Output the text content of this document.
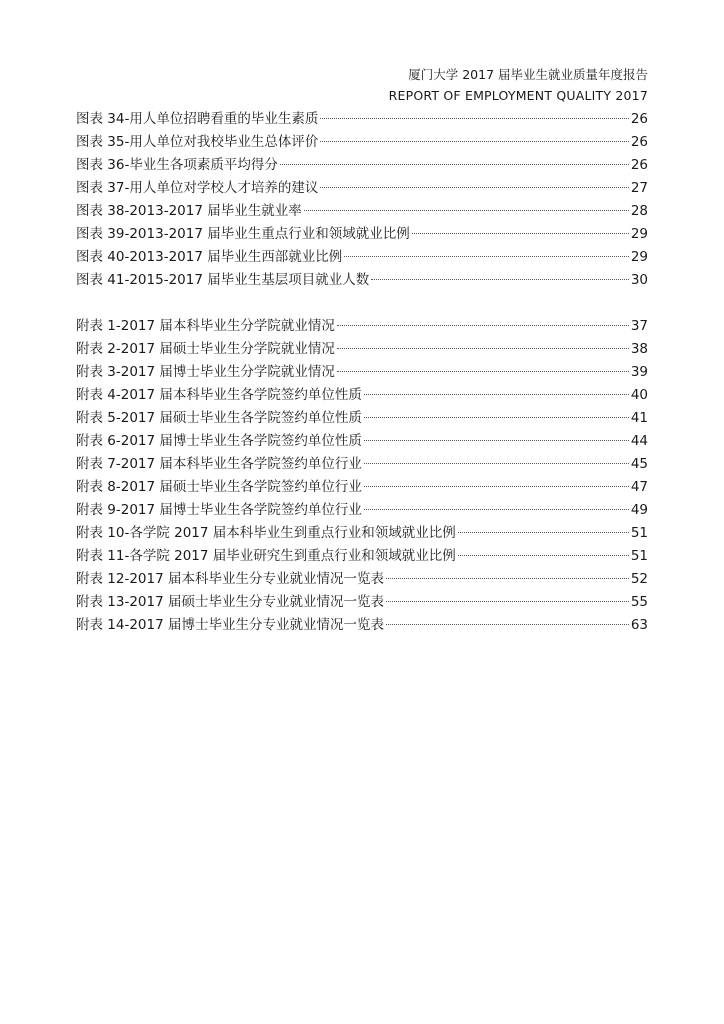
厦门大学 2017 届毕业生就业质量年度报告
REPORT OF EMPLOYMENT QUALITY 2017
图表 34-用人单位招聘看重的毕业生素质	26
图表 35-用人单位对我校毕业生总体评价	26
图表 36-毕业生各项素质平均得分	26
图表 37-用人单位对学校人才培养的建议	27
图表 38-2013-2017 届毕业生就业率	28
图表 39-2013-2017 届毕业生重点行业和领域就业比例	29
图表 40-2013-2017 届毕业生西部就业比例	29
图表 41-2015-2017 届毕业生基层项目就业人数	30
附表 1-2017 届本科毕业生分学院就业情况	37
附表 2-2017 届硕士毕业生分学院就业情况	38
附表 3-2017 届博士毕业生分学院就业情况	39
附表 4-2017 届本科毕业生各学院签约单位性质	40
附表 5-2017 届硕士毕业生各学院签约单位性质	41
附表 6-2017 届博士毕业生各学院签约单位性质	44
附表 7-2017 届本科毕业生各学院签约单位行业	45
附表 8-2017 届硕士毕业生各学院签约单位行业	47
附表 9-2017 届博士毕业生各学院签约单位行业	49
附表 10-各学院 2017 届本科毕业生到重点行业和领域就业比例	51
附表 11-各学院 2017 届毕业研究生到重点行业和领域就业比例	51
附表 12-2017 届本科毕业生分专业就业情况一览表	52
附表 13-2017 届硕士毕业生分专业就业情况一览表	55
附表 14-2017 届博士毕业生分专业就业情况一览表	63
